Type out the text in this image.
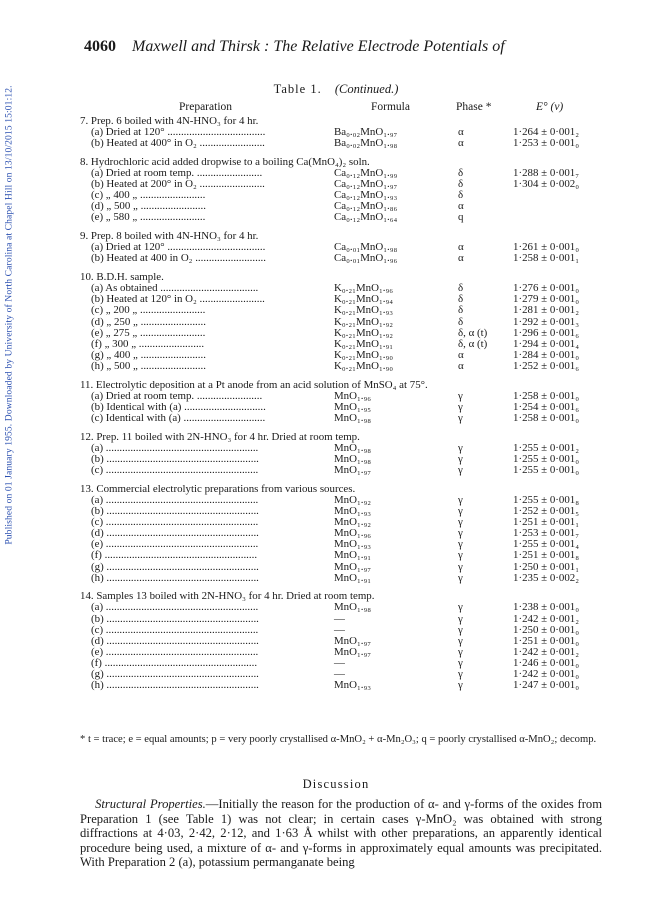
Published on 01 January 1955. Downloaded by University of North Carolina at Chapel Hill on 13/10/2015 15:01:12.
4060 Maxwell and Thirsk : The Relative Electrode Potentials of
Table 1. (Continued.)
Preparation	Formula	Phase *	E° (v)
7. Prep. 6 boiled with 4N-HNO₃ for 4 hr.
(a) Dried at 120° ....................................	Ba₀.₀₂MnO₁.₉₇	α	1·264 ± 0·001₂
(b) Heated at 400° in O₂ ........................	Ba₀.₀₂MnO₁.₉₈	α	1·253 ± 0·001₀
8. Hydrochloric acid added dropwise to a boiling Ca(MnO₄)₂ soln.
(a) Dried at room temp. ........................	Ca₀.₁₂MnO₁.₉₉	δ	1·288 ± 0·001₇
(b) Heated at 200° in O₂ ........................	Ca₀.₁₂MnO₁.₉₇	δ	1·304 ± 0·002₀
(c) „ 400 „ ........................	Ca₀.₁₂MnO₁.₉₃	δ
(d) „ 500 „ ........................	Ca₀.₁₂MnO₁.₈₆	α
(e) „ 580 „ ........................	Ca₀.₁₂MnO₁.₆₄	q
9. Prep. 8 boiled with 4N-HNO₃ for 4 hr.
(a) Dried at 120° ....................................	Ca₀.₀₁MnO₁.₉₈	α	1·261 ± 0·001₀
(b) Heated at 400 in O₂ ..........................	Ca₀.₀₁MnO₁.₉₆	α	1·258 ± 0·001₁
10. B.D.H. sample.
(a) As obtained ....................................	K₀.₂₁MnO₁.₉₆	δ	1·276 ± 0·001₀
(b) Heated at 120° in O₂ ........................	K₀.₂₁MnO₁.₉₄	δ	1·279 ± 0·001₀
(c) „ 200 „ ........................	K₀.₂₁MnO₁.₉₃	δ	1·281 ± 0·001₂
(d) „ 250 „ ........................	K₀.₂₁MnO₁.₉₂	δ	1·292 ± 0·001₃
(e) „ 275 „ ........................	K₀.₂₁MnO₁.₉₂	δ, α (t) 1·296 ± 0·001₆
(f) „ 300 „ ........................	K₀.₂₁MnO₁.₉₁	δ, α (t) 1·294 ± 0·001₄
(g) „ 400 „ ........................	K₀.₂₁MnO₁.₉₀	α	1·284 ± 0·001₀
(h) „ 500 „ ........................	K₀.₂₁MnO₁.₉₀	α	1·252 ± 0·001₆
11. Electrolytic deposition at a Pt anode from an acid solution of MnSO₄ at 75°.
(a) Dried at room temp. ........................	MnO₁.₉₆	γ	1·258 ± 0·001₀
(b) Identical with (a) ..............................	MnO₁.₉₅	γ	1·254 ± 0·001₆
(c) Identical with (a) ..............................	MnO₁.₉₈	γ	1·258 ± 0·001₀
12. Prep. 11 boiled with 2N-HNO₃ for 4 hr. Dried at room temp.
(a) ........................................................	MnO₁.₉₈	γ	1·255 ± 0·001₂
(b) ........................................................	MnO₁.₉₈	γ	1·255 ± 0·001₀
(c) ........................................................	MnO₁.₉₇	γ	1·255 ± 0·001₀
13. Commercial electrolytic preparations from various sources.
(a) ........................................................	MnO₁.₉₂	γ	1·255 ± 0·001₈
(b) ........................................................	MnO₁.₉₃	γ	1·252 ± 0·001₅
(c) ........................................................	MnO₁.₉₂	γ	1·251 ± 0·001₁
(d) ........................................................	MnO₁.₉₆	γ	1·253 ± 0·001₇
(e) ........................................................	MnO₁.₉₃	γ	1·255 ± 0·001₄
(f) ........................................................	MnO₁.₉₁	γ	1·251 ± 0·001₈
(g) ........................................................	MnO₁.₉₇	γ	1·250 ± 0·001₁
(h) ........................................................	MnO₁.₉₁	γ	1·235 ± 0·002₂
14. Samples 13 boiled with 2N-HNO₃ for 4 hr. Dried at room temp.
(a) ........................................................	MnO₁.₉₈	γ	1·238 ± 0·001₀
(b) ........................................................	—	γ	1·242 ± 0·001₂
(c) ........................................................	—	γ	1·250 ± 0·001₀
(d) ........................................................	MnO₁.₉₇	γ	1·251 ± 0·001₀
(e) ........................................................	MnO₁.₉₇	γ	1·242 ± 0·001₂
(f) ........................................................	—	γ	1·246 ± 0·001₀
(g) ........................................................	—	γ	1·242 ± 0·001₀
(h) ........................................................	MnO₁.₉₃	γ	1·247 ± 0·001₀
* t = trace; e = equal amounts; p = very poorly crystallised α-MnO₂ + α-Mn₂O₃; q = poorly crystallised α-MnO₂; decomp.
Discussion
Structural Properties.—Initially the reason for the production of α- and γ-forms of the oxides from Preparation 1 (see Table 1) was not clear; in certain cases γ-MnO₂ was obtained with strong diffractions at 4·03, 2·42, 2·12, and 1·63 Å whilst with other preparations, an apparently identical procedure being used, a mixture of α- and γ-forms in approximately equal amounts was precipitated. With Preparation 2 (a), potassium permanganate being
